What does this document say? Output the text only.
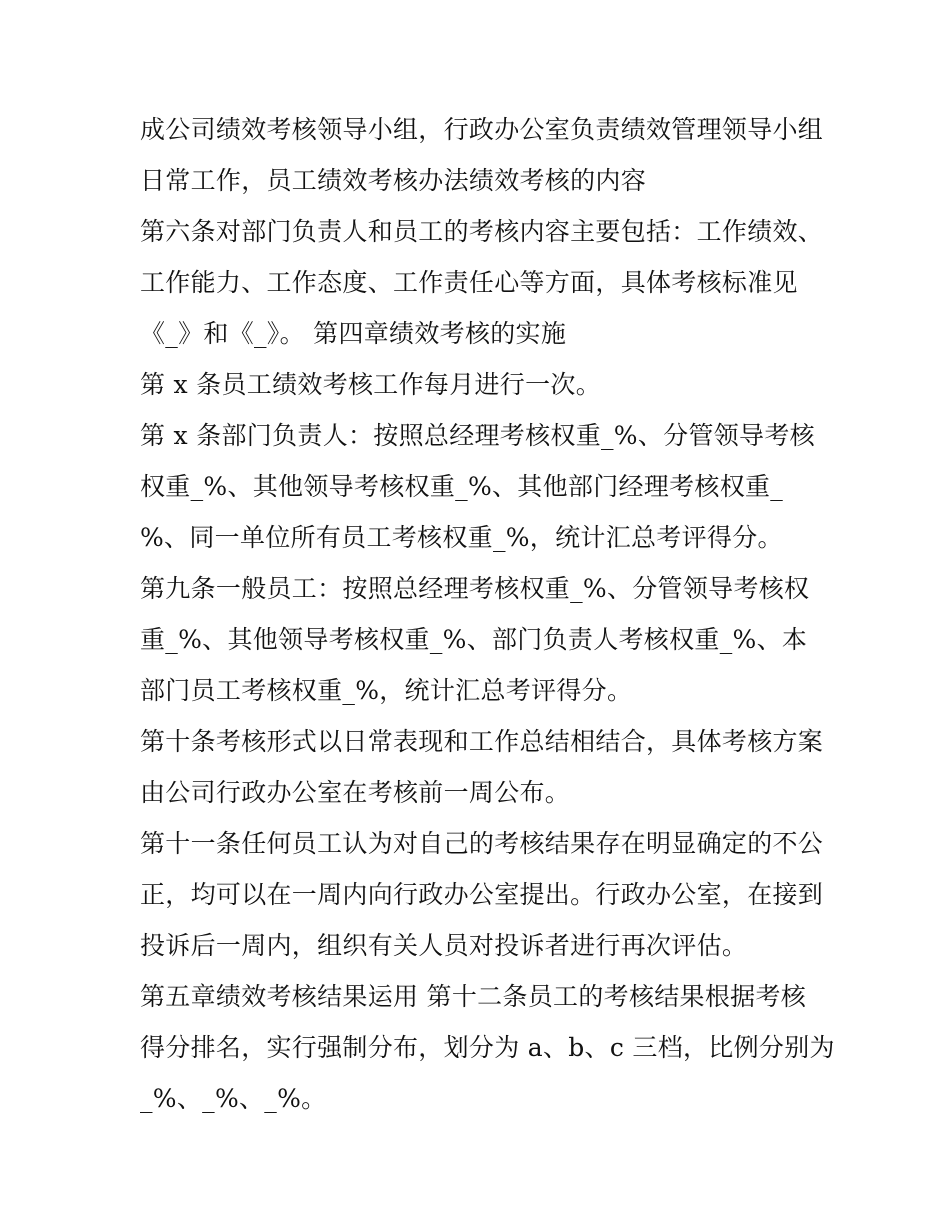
成公司绩效考核领导小组，行政办公室负责绩效管理领导小组
日常工作，员工绩效考核办法绩效考核的内容
第六条对部门负责人和员工的考核内容主要包括：工作绩效、
工作能力、工作态度、工作责任心等方面，具体考核标准见
《_》和《_》。 第四章绩效考核的实施
第 x 条员工绩效考核工作每月进行一次。
第 x 条部门负责人：按照总经理考核权重_%、分管领导考核
权重_%、其他领导考核权重_%、其他部门经理考核权重_
%、同一单位所有员工考核权重_%，统计汇总考评得分。
第九条一般员工：按照总经理考核权重_%、分管领导考核权
重_%、其他领导考核权重_%、部门负责人考核权重_%、本
部门员工考核权重_%，统计汇总考评得分。
第十条考核形式以日常表现和工作总结相结合，具体考核方案
由公司行政办公室在考核前一周公布。
第十一条任何员工认为对自己的考核结果存在明显确定的不公
正，均可以在一周内向行政办公室提出。行政办公室，在接到
投诉后一周内，组织有关人员对投诉者进行再次评估。
第五章绩效考核结果运用 第十二条员工的考核结果根据考核
得分排名，实行强制分布，划分为 a、b、c 三档，比例分别为
_%、_%、_%。
